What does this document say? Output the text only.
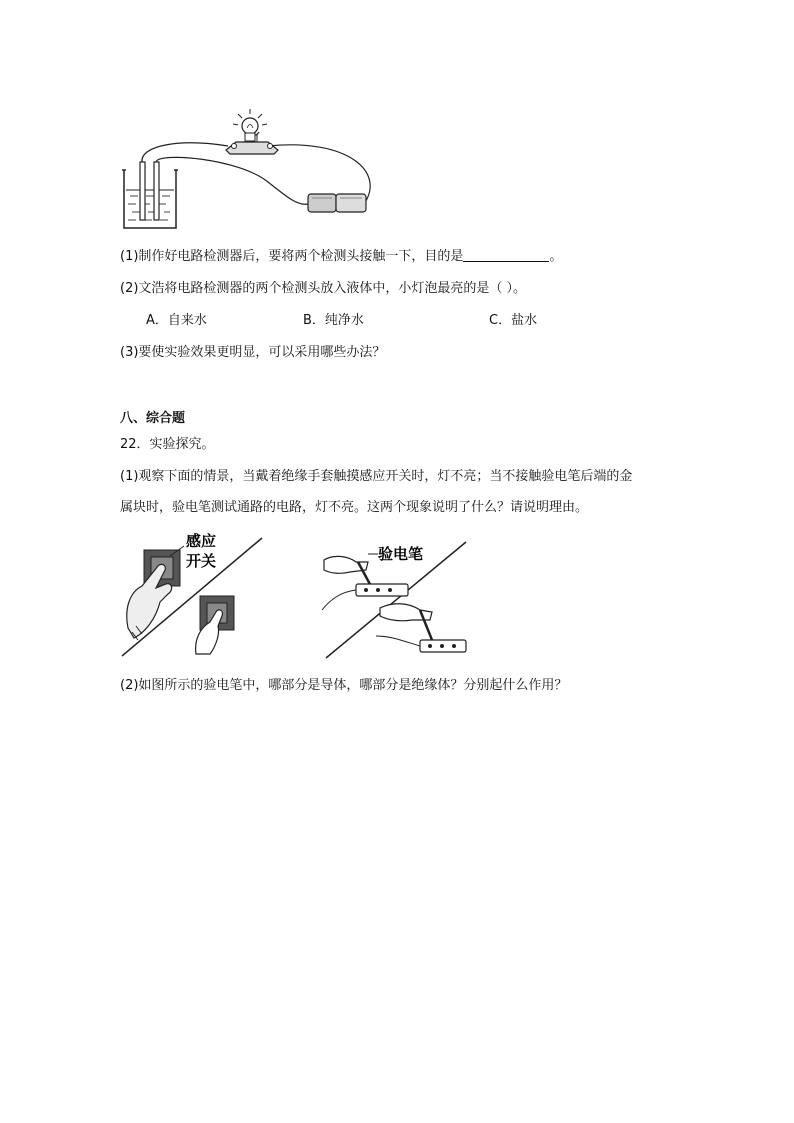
(1)制作好电路检测器后，要将两个检测头接触一下，目的是	。
(2)文浩将电路检测器的两个检测头放入液体中，小灯泡最亮的是（ ）。
A．自来水	B．纯净水	C．盐水
(3)要使实验效果更明显，可以采用哪些办法？
八、综合题
22．实验探究。
(1)观察下面的情景，当戴着绝缘手套触摸感应开关时，灯不亮；当不接触验电笔后端的金
属块时，验电笔测试通路的电路，灯不亮。这两个现象说明了什么？请说明理由。
感应
开关	验电笔
(2)如图所示的验电笔中，哪部分是导体，哪部分是绝缘体？分别起什么作用？
